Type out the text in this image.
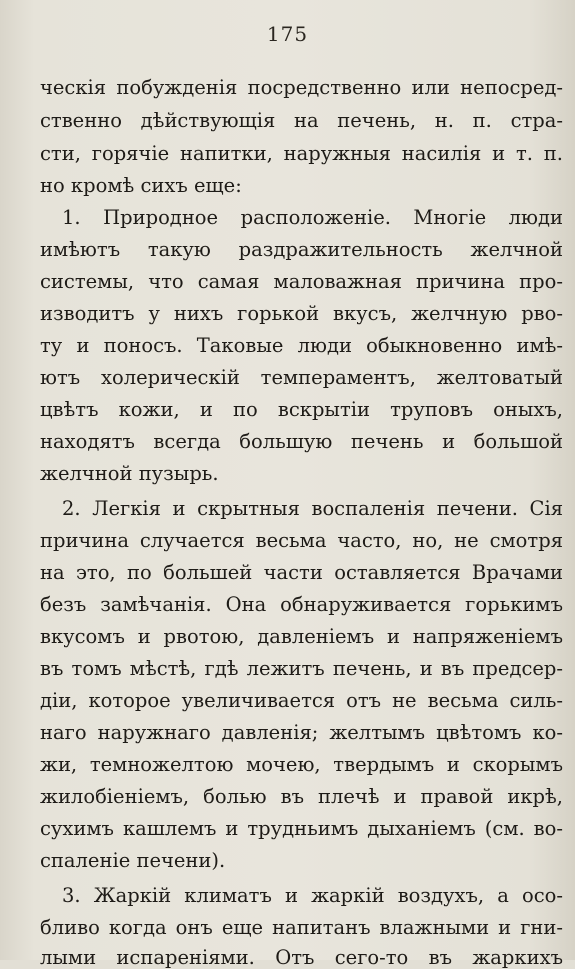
175
ческія побужденія посредственно или непосред-
ственно дѣйствующія на печень, н. п. стра-
сти, горячіе напитки, наружныя насилія и т. п.
но кромѣ сихъ еще:
1. Природное расположеніе. Многіе люди
имѣютъ такую раздражительность желчной
системы, что самая маловажная причина про-
изводитъ у нихъ горькой вкусъ, желчную рво-
ту и поносъ. Таковые люди обыкновенно имѣ-
ютъ холерическій темпераментъ, желтоватый
цвѣтъ кожи, и по вскрытіи труповъ оныхъ,
находятъ всегда большую печень и большой
желчной пузырь.
2. Легкія и скрытныя воспаленія печени. Сія
причина случается весьма часто, но, не смотря
на это, по большей части оставляется Врачами
безъ замѣчанія. Она обнаруживается горькимъ
вкусомъ и рвотою, давленіемъ и напряженіемъ
въ томъ мѣстѣ, гдѣ лежитъ печень, и въ предсер-
діи, которое увеличивается отъ не весьма силь-
наго наружнаго давленія; желтымъ цвѣтомъ ко-
жи, темножелтою мочею, твердымъ и скорымъ
жилобіеніемъ, болью въ плечѣ и правой икрѣ,
сухимъ кашлемъ и трудньимъ дыханіемъ (см. во-
спаленіе печени).
3. Жаркій климатъ и жаркій воздухъ, а осо-
бливо когда онъ еще напитанъ влажными и гни-
лыми испареніями. Отъ сего-то въ жаркихъ
